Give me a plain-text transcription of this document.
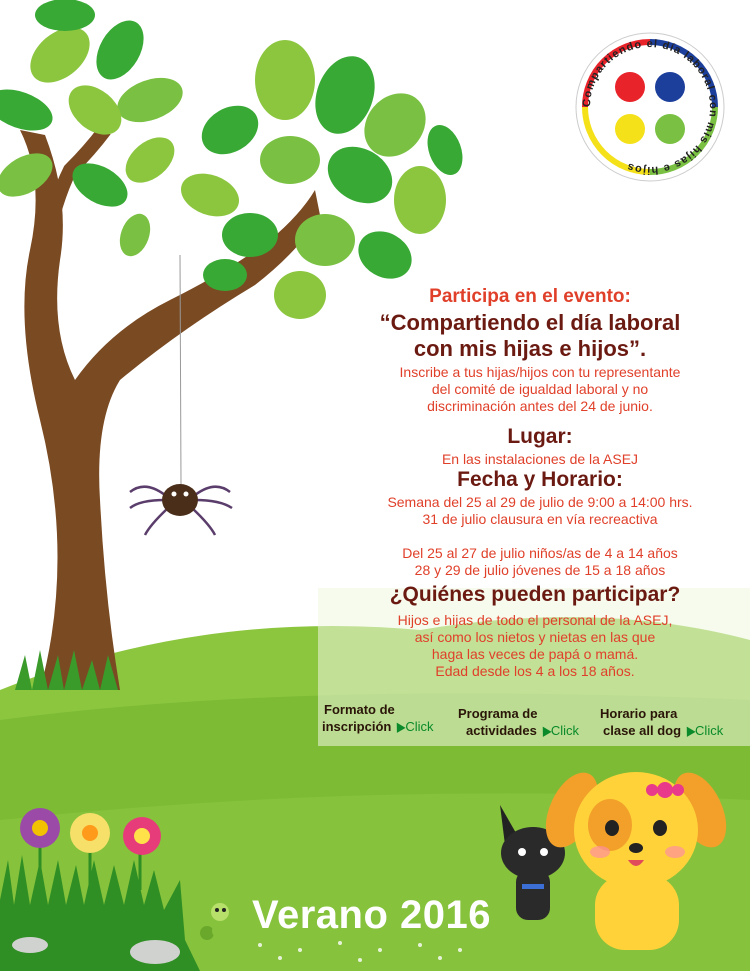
Compartiendo el día laboral con mis hijas e hijos
Participa en el evento:
“Compartiendo el día laboral
con mis hijas e hijos”.
Inscribe a tus hijas/hijos con tu representante
del comité de igualdad laboral y no
discriminación antes del 24 de junio.
Lugar:
En las instalaciones de la ASEJ
Fecha y Horario:
Semana del 25 al 29 de julio de 9:00 a 14:00 hrs.
31 de julio clausura en vía recreactiva
Del 25 al 27 de julio niños/as de 4 a 14 años
28 y 29 de julio jóvenes de 15 a 18 años
¿Quiénes pueden participar?
Hijos e hijas de todo el personal de la ASEJ,
así como los nietos y nietas en las que
haga las veces de papá o mamá.
Edad desde los 4 a los 18 años.
Formato de
inscripción Click
Programa de
actividades Click
Horario para
clase all dog Click
Verano 2016
